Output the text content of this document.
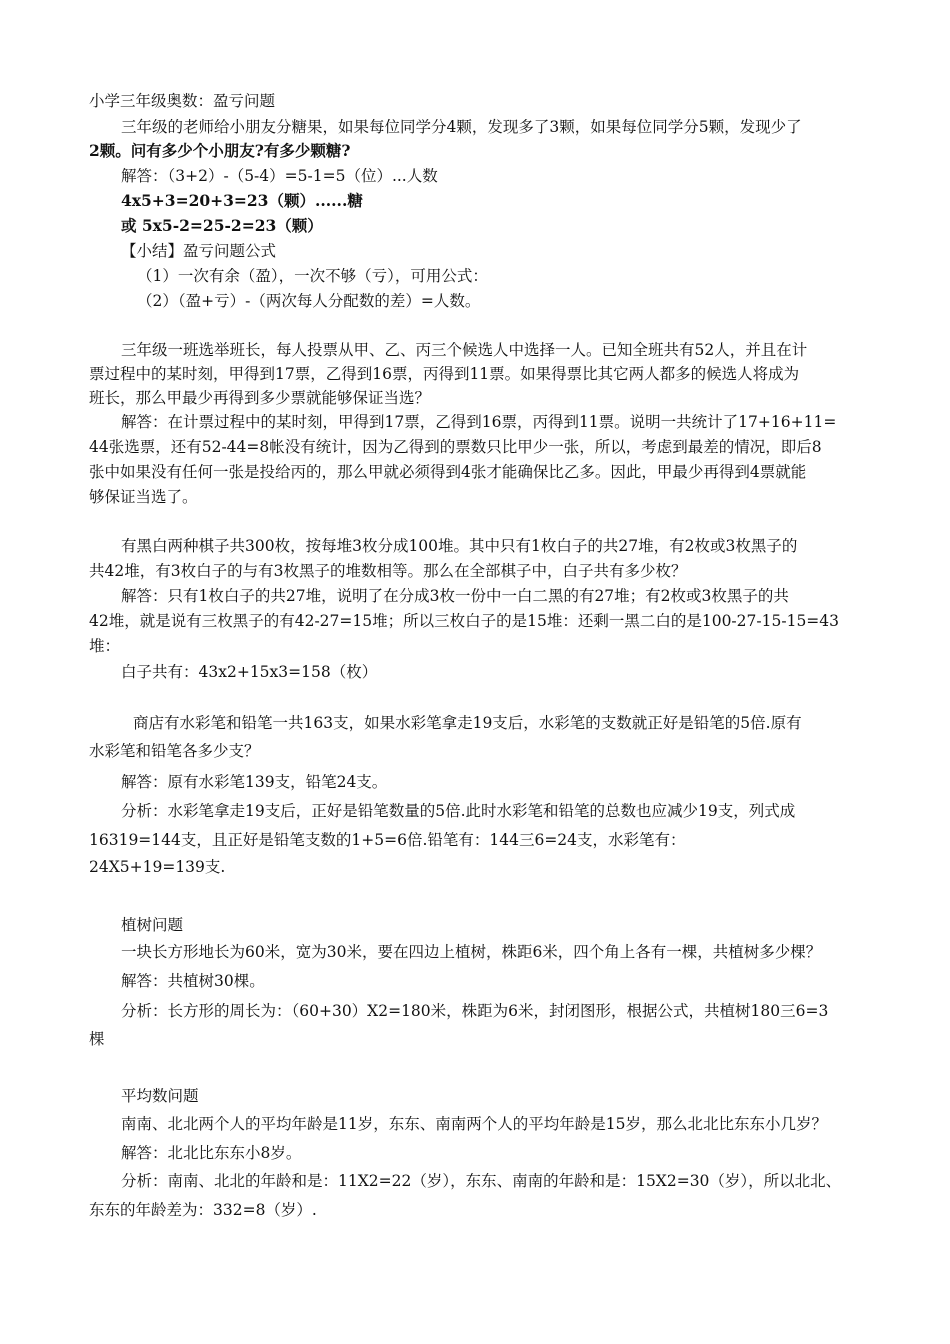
小学三年级奥数：盈亏问题
三年级的老师给小朋友分糖果，如果每位同学分4颗，发现多了3颗，如果每位同学分5颗，发现少了
2颗。问有多少个小朋友?有多少颗糖?
解答：（3+2）-（5-4）=5-1=5（位）...人数
4x5+3=20+3=23（颗）......糖
或 5x5-2=25-2=23（颗）
【小结】盈亏问题公式
（1）一次有余（盈），一次不够（亏），可用公式：
（2）（盈+亏）-（两次每人分配数的差）=人数。
三年级一班选举班长，每人投票从甲、乙、丙三个候选人中选择一人。已知全班共有52人，并且在计
票过程中的某时刻，甲得到17票，乙得到16票，丙得到11票。如果得票比其它两人都多的候选人将成为
班长，那么甲最少再得到多少票就能够保证当选？
解答：在计票过程中的某时刻，甲得到17票，乙得到16票，丙得到11票。说明一共统计了17+16+11=
44张选票，还有52-44=8帐没有统计，因为乙得到的票数只比甲少一张，所以，考虑到最差的情况，即后8
张中如果没有任何一张是投给丙的，那么甲就必须得到4张才能确保比乙多。因此，甲最少再得到4票就能
够保证当选了。
有黑白两种棋子共300枚，按每堆3枚分成100堆。其中只有1枚白子的共27堆，有2枚或3枚黑子的
共42堆，有3枚白子的与有3枚黑子的堆数相等。那么在全部棋子中，白子共有多少枚？
解答：只有1枚白子的共27堆，说明了在分成3枚一份中一白二黑的有27堆；有2枚或3枚黑子的共
42堆，就是说有三枚黑子的有42-27=15堆；所以三枚白子的是15堆：还剩一黑二白的是100-27-15-15=43
堆：
白子共有：43x2+15x3=158（枚）
商店有水彩笔和铅笔一共163支，如果水彩笔拿走19支后，水彩笔的支数就正好是铅笔的5倍.原有
水彩笔和铅笔各多少支？
解答：原有水彩笔139支，铅笔24支。
分析：水彩笔拿走19支后，正好是铅笔数量的5倍.此时水彩笔和铅笔的总数也应减少19支，列式成
16319=144支，且正好是铅笔支数的1+5=6倍.铅笔有：144三6=24支，水彩笔有：
24X5+19=139支.
植树问题
一块长方形地长为60米，宽为30米，要在四边上植树，株距6米，四个角上各有一棵，共植树多少棵？
解答：共植树30棵。
分析：长方形的周长为：（60+30）X2=180米，株距为6米，封闭图形，根据公式，共植树180三6=3
棵
平均数问题
南南、北北两个人的平均年龄是11岁，东东、南南两个人的平均年龄是15岁，那么北北比东东小几岁？
解答：北北比东东小8岁。
分析：南南、北北的年龄和是：11X2=22（岁），东东、南南的年龄和是：15X2=30（岁），所以北北、
东东的年龄差为：332=8（岁）.
